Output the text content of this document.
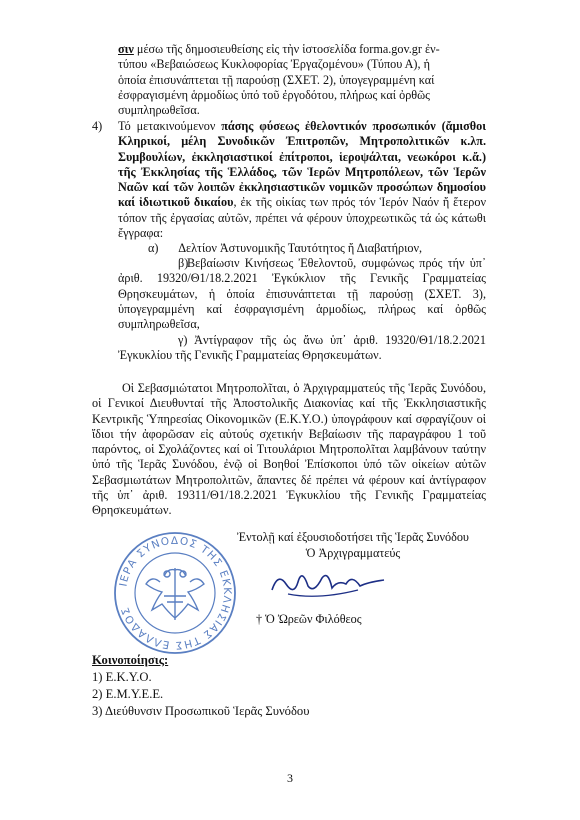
σιν μέσω τῆς δημοσιευθείσης εἰς τὴν ἱστοσελίδα forma.gov.gr ἐν-
τύπου «Βεβαιώσεως Κυκλοφορίας Ἐργαζομένου» (Τύπου Α), ἡ
ὁποία ἐπισυνάπτεται τῇ παρούσῃ (ΣΧΕΤ. 2), ὑπογεγραμμένη καί
ἐσφραγισμένη ἁρμοδίως ὑπό τοῦ ἐργοδότου, πλήρως καί ὀρθῶς
συμπληρωθεῖσα.
4) Τό μετακινούμενον πάσης φύσεως ἐθελοντικόν προσωπικόν (ἄμισθοι Κληρικοί, μέλη Συνοδικῶν Ἐπιτροπῶν, Μητροπολιτικῶν κ.λπ. Συμβουλίων, ἐκκλησιαστικοί ἐπίτροποι, ἱεροψάλται, νεωκόροι κ.ἄ.) τῆς Ἐκκλησίας τῆς Ἑλλάδος, τῶν Ἱερῶν Μητροπόλεων, τῶν Ἱερῶν Ναῶν καί τῶν λοιπῶν ἐκκλησιαστικῶν νομικῶν προσώπων δημοσίου καί ἰδιωτικοῦ δικαίου, ἐκ τῆς οἰκίας των πρός τόν Ἱερόν Ναόν ἤ ἕτερον τόπον τῆς ἐργασίας αὐτῶν, πρέπει νά φέρουν ὑποχρεωτικῶς τά ὡς κάτωθι ἔγγραφα:
α) Δελτίον Ἀστυνομικῆς Ταυτότητος ἤ Διαβατήριον,
β)    Βεβαίωσιν Κινήσεως Ἐθελοντοῦ, συμφώνως πρός τήν ὑπ᾽ ἀριθ. 19320/Θ1/18.2.2021 Ἐγκύκλιον τῆς Γενικῆς Γραμματείας Θρησκευμάτων, ἡ ὁποία ἐπισυνάπτεται τῇ παρούσῃ (ΣΧΕΤ. 3), ὑπογεγραμμένη καί ἐσφραγισμένη ἁρμοδίως, πλήρως καί ὀρθῶς συμπληρωθεῖσα,
γ) Ἀντίγραφον τῆς ὡς ἄνω ὑπ᾽ ἀριθ. 19320/Θ1/18.2.2021 Ἐγκυκλίου τῆς Γενικῆς Γραμματείας Θρησκευμάτων.
Οἱ Σεβασμιώτατοι Μητροπολῖται, ὁ Ἀρχιγραμματεύς τῆς Ἱερᾶς Συνόδου, οἱ Γενικοί Διευθυνταί τῆς Ἀποστολικῆς Διακονίας καί τῆς Ἐκκλησιαστικῆς Κεντρικῆς Ὑπηρεσίας Οἰκονομικῶν (Ε.Κ.Υ.Ο.) ὑπογράφουν καί σφραγίζουν οἱ ἴδιοι τήν ἀφορῶσαν εἰς αὐτούς σχετικήν Βεβαίωσιν τῆς παραγράφου 1 τοῦ παρόντος, οἱ Σχολάζοντες καί οἱ Τιτουλάριοι Μητροπολῖται λαμβάνουν ταύτην ὑπό τῆς Ἱερᾶς Συνόδου, ἐνῷ οἱ Βοηθοί Ἐπίσκοποι ὑπό τῶν οἰκείων αὐτῶν Σεβασμιωτάτων Μητροπολιτῶν, ἅπαντες δέ πρέπει νά φέρουν καί ἀντίγραφον τῆς ὑπ᾽ ἀριθ. 19311/Θ1/18.2.2021 Ἐγκυκλίου τῆς Γενικῆς Γραμματείας Θρησκευμάτων.
Ἐντολῇ καί ἐξουσιοδοτήσει τῆς Ἱερᾶς Συνόδου
Ὁ Ἀρχιγραμματεύς
ΙΕΡΑ ΣΥΝΟΔΟΣ ΤΗΣ ΕΚΚΛΗΣΙΑΣ ΤΗΣ ΕΛΛΑΔΟΣ
† Ὁ Ὠρεῶν Φιλόθεος
Κοινοποίησις:
1) Ε.Κ.Υ.Ο.
2) Ε.Μ.Υ.Ε.Ε.
3) Διεύθυνσιν Προσωπικοῦ Ἱερᾶς Συνόδου
3
